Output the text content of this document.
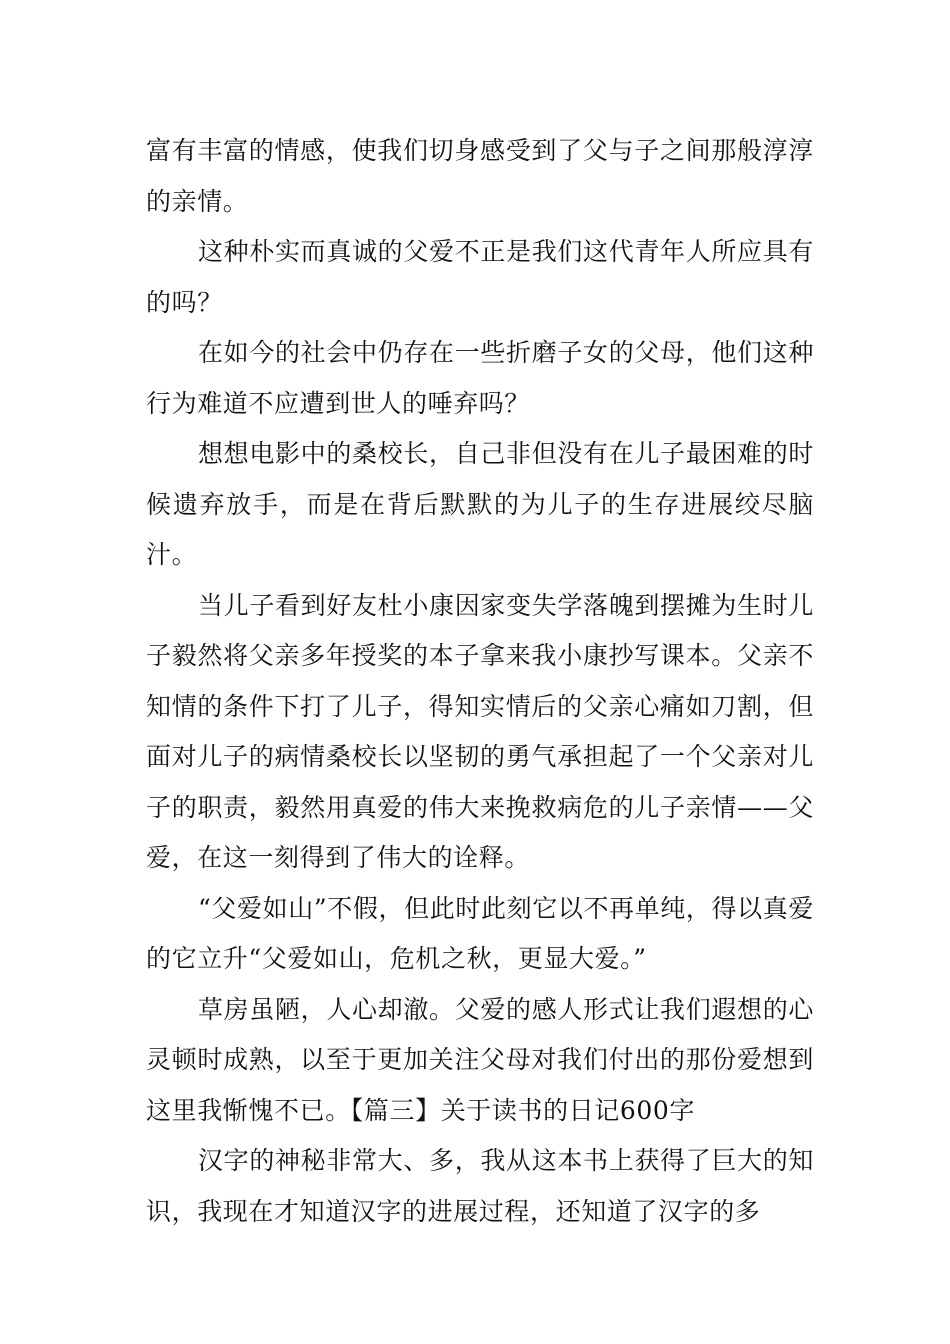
富有丰富的情感，使我们切身感受到了父与子之间那般淳淳的亲情。

这种朴实而真诚的父爱不正是我们这代青年人所应具有的吗？

在如今的社会中仍存在一些折磨子女的父母，他们这种行为难道不应遭到世人的唾弃吗？

想想电影中的桑校长，自己非但没有在儿子最困难的时候遗弃放手，而是在背后默默的为儿子的生存进展绞尽脑汁。

当儿子看到好友杜小康因家变失学落魄到摆摊为生时儿子毅然将父亲多年授奖的本子拿来我小康抄写课本。父亲不知情的条件下打了儿子，得知实情后的父亲心痛如刀割，但面对儿子的病情桑校长以坚韧的勇气承担起了一个父亲对儿子的职责，毅然用真爱的伟大来挽救病危的儿子亲情——父爱，在这一刻得到了伟大的诠释。

“父爱如山”不假，但此时此刻它以不再单纯，得以真爱的它立升“父爱如山，危机之秋，更显大爱。”

草房虽陋，人心却澈。父爱的感人形式让我们遐想的心灵顿时成熟，以至于更加关注父母对我们付出的那份爱想到这里我惭愧不已。【篇三】关于读书的日记600字

汉字的神秘非常大、多，我从这本书上获得了巨大的知识，我现在才知道汉字的进展过程，还知道了汉字的多
